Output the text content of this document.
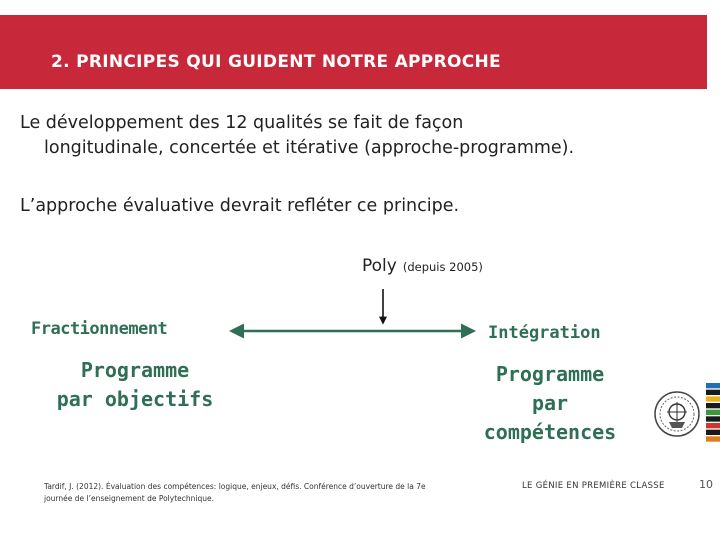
2. PRINCIPES QUI GUIDENT NOTRE APPROCHE
Le développement des 12 qualités se fait de façon
longitudinale, concertée et itérative (approche-programme).
L’approche évaluative devrait refléter ce principe.
Poly (depuis 2005)
Fractionnement	Intégration
Programme
par objectifs
Programme
par
compétences
Tardif, J. (2012). Évaluation des compétences: logique, enjeux, défis. Conférence d’ouverture de la 7e
journée de l’enseignement de Polytechnique.
LE GÉNIE EN PREMIÈRE CLASSE	10
